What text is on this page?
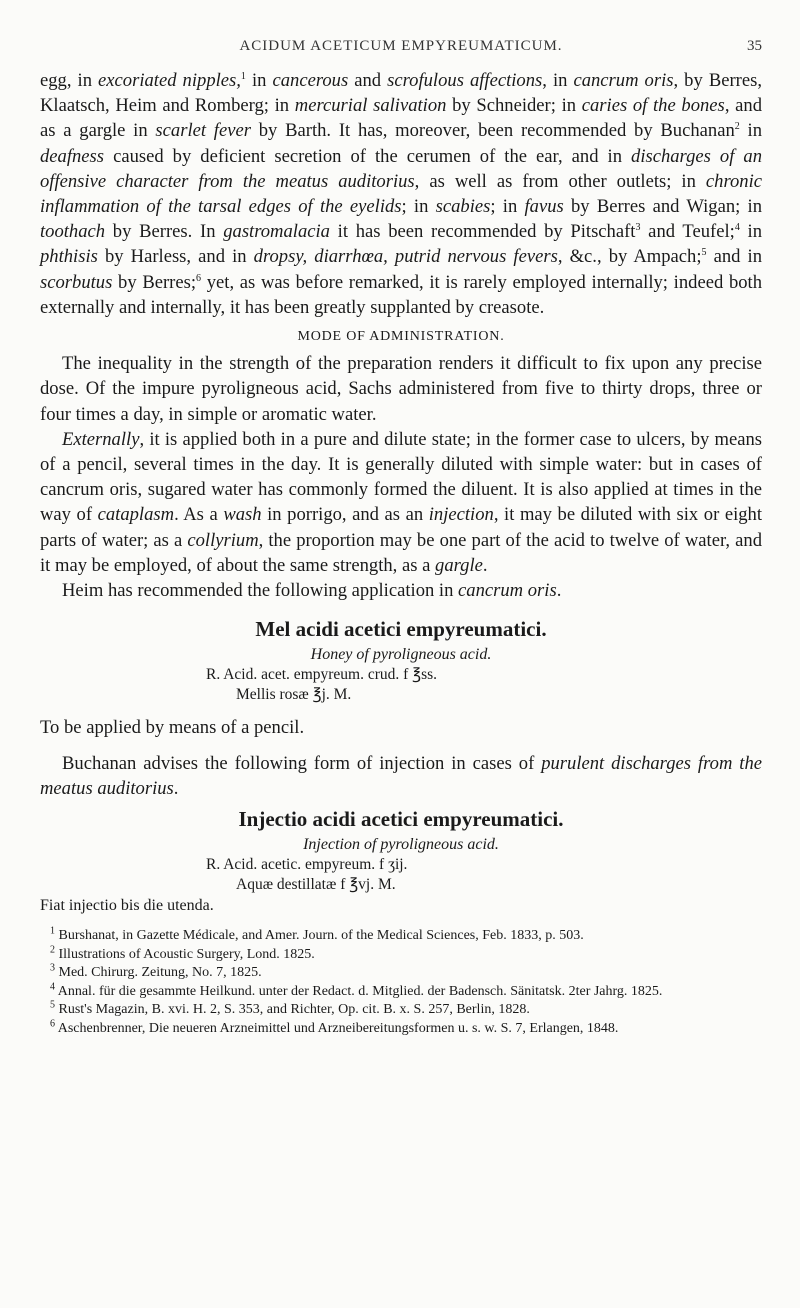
ACIDUM ACETICUM EMPYREUMATICUM.	35

egg, in excoriated nipples,$^1$ in cancerous and scrofulous affections, in cancrum oris, by Berres, Klaatsch, Heim and Romberg; in mercurial salivation by Schneider; in caries of the bones, and as a gargle in scarlet fever by Barth. It has, moreover, been recommended by Buchanan$^2$ in deafness caused by deficient secretion of the cerumen of the ear, and in discharges of an offensive character from the meatus auditorius, as well as from other outlets; in chronic inflammation of the tarsal edges of the eyelids; in scabies; in favus by Berres and Wigan; in toothach by Berres. In gastromalacia it has been recommended by Pitschaft$^3$ and Teufel;$^4$ in phthisis by Harless, and in dropsy, diarrhœa, putrid nervous fevers, &c., by Ampach;$^5$ and in scorbutus by Berres;$^6$ yet, as was before remarked, it is rarely employed internally; indeed both externally and internally, it has been greatly supplanted by creasote.

MODE OF ADMINISTRATION.

The inequality in the strength of the preparation renders it difficult to fix upon any precise dose. Of the impure pyroligneous acid, Sachs administered from five to thirty drops, three or four times a day, in simple or aromatic water.

Externally, it is applied both in a pure and dilute state; in the former case to ulcers, by means of a pencil, several times in the day. It is generally diluted with simple water: but in cases of cancrum oris, sugared water has commonly formed the diluent. It is also applied at times in the way of cataplasm. As a wash in porrigo, and as an injection, it may be diluted with six or eight parts of water; as a collyrium, the proportion may be one part of the acid to twelve of water, and it may be employed, of about the same strength, as a gargle.

Heim has recommended the following application in cancrum oris.

Mel acidi acetici empyreumatici.
Honey of pyroligneous acid.
R. Acid. acet. empyreum. crud. f ℥ss.
Mellis rosæ ℥j. M.

To be applied by means of a pencil.

Buchanan advises the following form of injection in cases of purulent discharges from the meatus auditorius.

Injectio acidi acetici empyreumatici.
Injection of pyroligneous acid.
R. Acid. acetic. empyreum. f ʒij.
Aquæ destillatæ f ℥vj. M.

Fiat injectio bis die utenda.

$^1$ Burshanat, in Gazette Médicale, and Amer. Journ. of the Medical Sciences, Feb. 1833, p. 503.

$^2$ Illustrations of Acoustic Surgery, Lond. 1825.

$^3$ Med. Chirurg. Zeitung, No. 7, 1825.

$^4$ Annal. für die gesammte Heilkund. unter der Redact. d. Mitglied. der Badensch. Sänitatsk. 2ter Jahrg. 1825.

$^5$ Rust's Magazin, B. xvi. H. 2, S. 353, and Richter, Op. cit. B. x. S. 257, Berlin, 1828.

$^6$ Aschenbrenner, Die neueren Arzneimittel und Arzneibereitungsformen u. s. w. S. 7, Erlangen, 1848.
